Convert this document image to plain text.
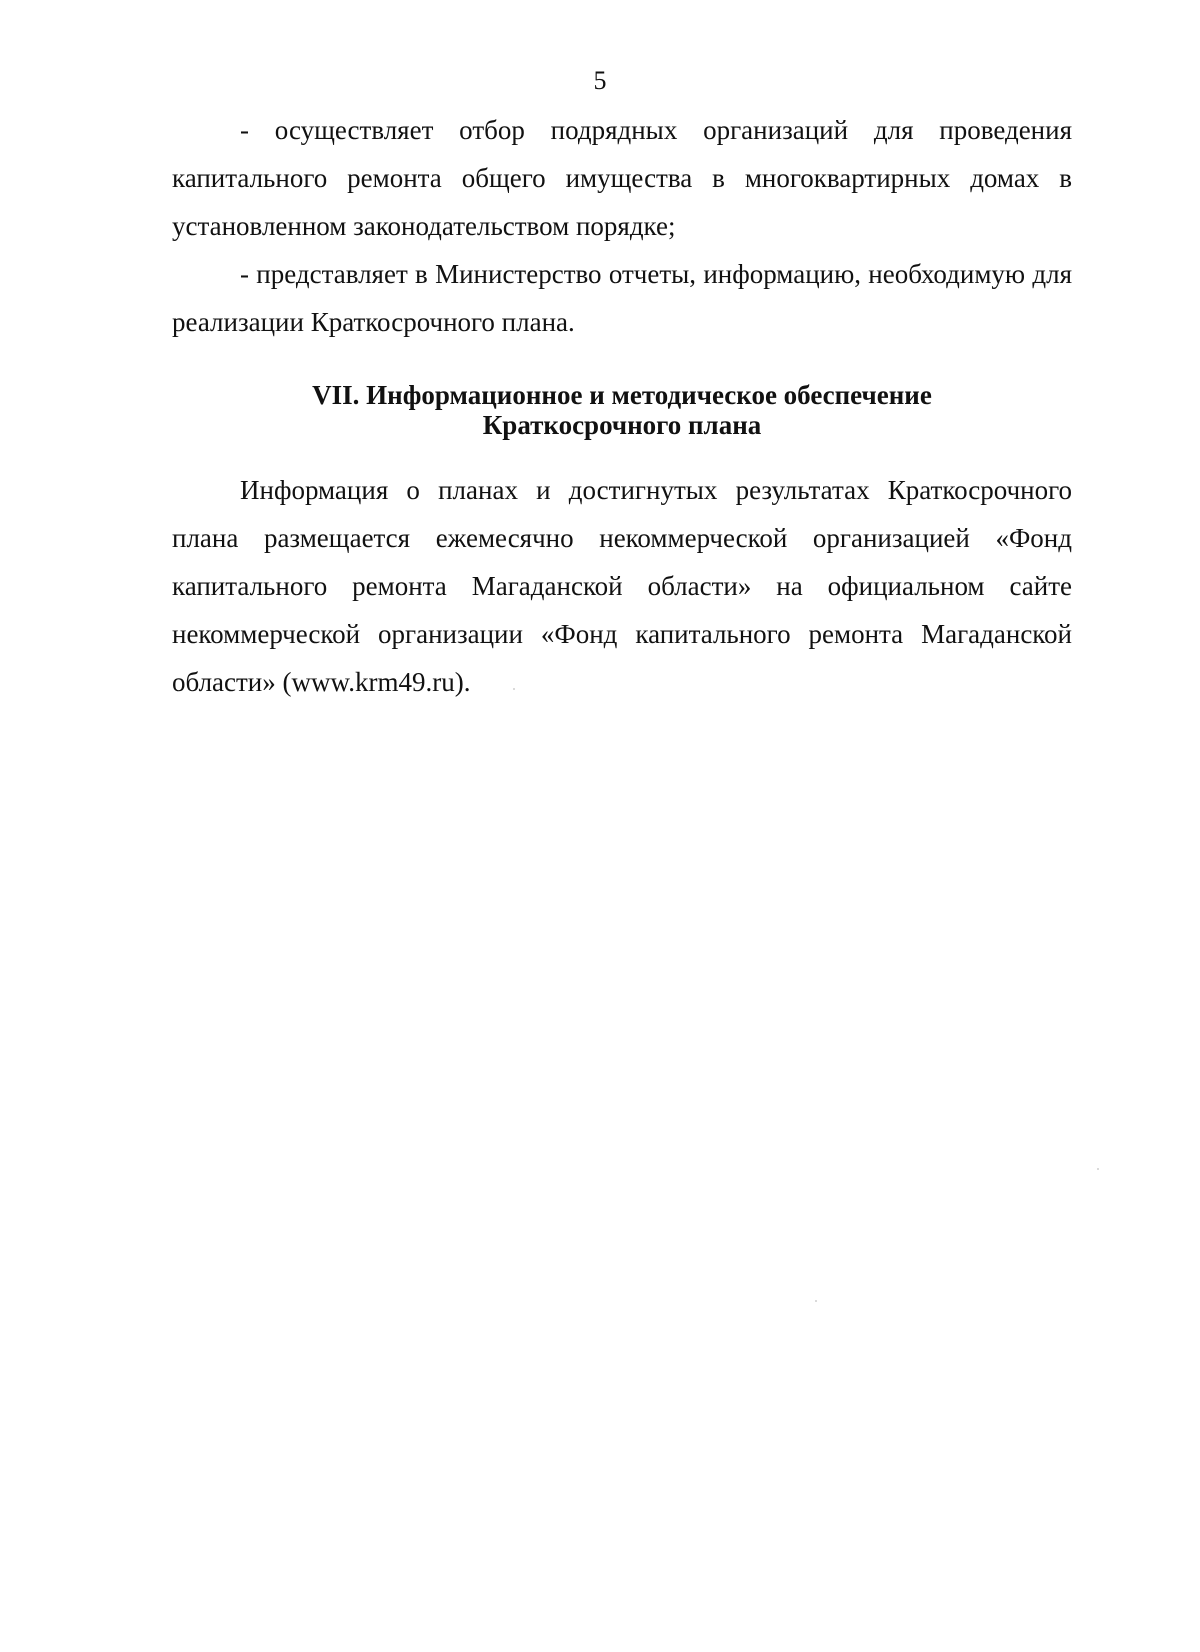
5

- осуществляет отбор подрядных организаций для проведения капитального ремонта общего имущества в многоквартирных домах в установленном законодательством порядке;

- представляет в Министерство отчеты, информацию, необходимую для реализации Краткосрочного плана.

VII. Информационное и методическое обеспечение

Краткосрочного плана

Информация о планах и достигнутых результатах Краткосрочного плана размещается ежемесячно некоммерческой организацией «Фонд капитального ремонта Магаданской области» на официальном сайте некоммерческой организации «Фонд капитального ремонта Магаданской области» (www.krm49.ru).
